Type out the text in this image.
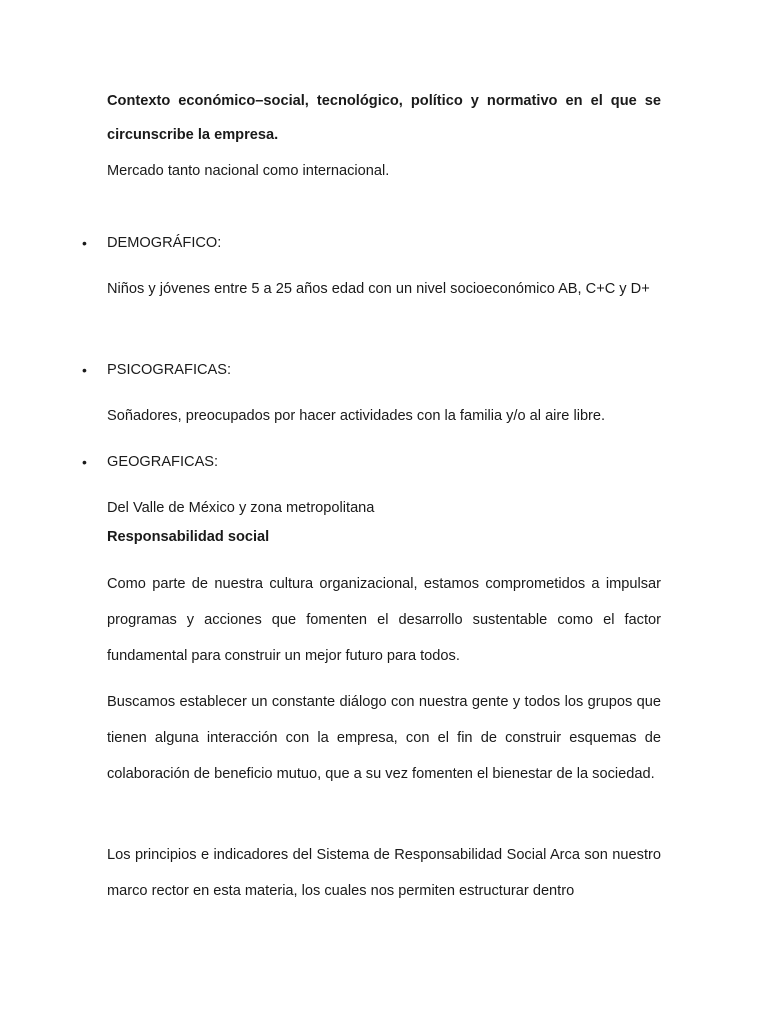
Contexto económico–social, tecnológico, político y normativo en el que se circunscribe la empresa.

Mercado tanto nacional como internacional.
• DEMOGRÁFICO:

Niños y jóvenes entre 5 a 25 años edad con un nivel socioeconómico AB, C+C y D+

• PSICOGRAFICAS:
Soñadores, preocupados por hacer actividades con la familia y/o al aire libre.
• GEOGRAFICAS:
Del Valle de México y zona metropolitana
Responsabilidad social

Como parte de nuestra cultura organizacional, estamos comprometidos a impulsar programas y acciones que fomenten el desarrollo sustentable como el factor fundamental para construir un mejor futuro para todos.

Buscamos establecer un constante diálogo con nuestra gente y todos los grupos que tienen alguna interacción con la empresa, con el fin de construir esquemas de colaboración de beneficio mutuo, que a su vez fomenten el bienestar de la sociedad.

Los principios e indicadores del Sistema de Responsabilidad Social Arca son nuestro marco rector en esta materia, los cuales nos permiten estructurar dentro
